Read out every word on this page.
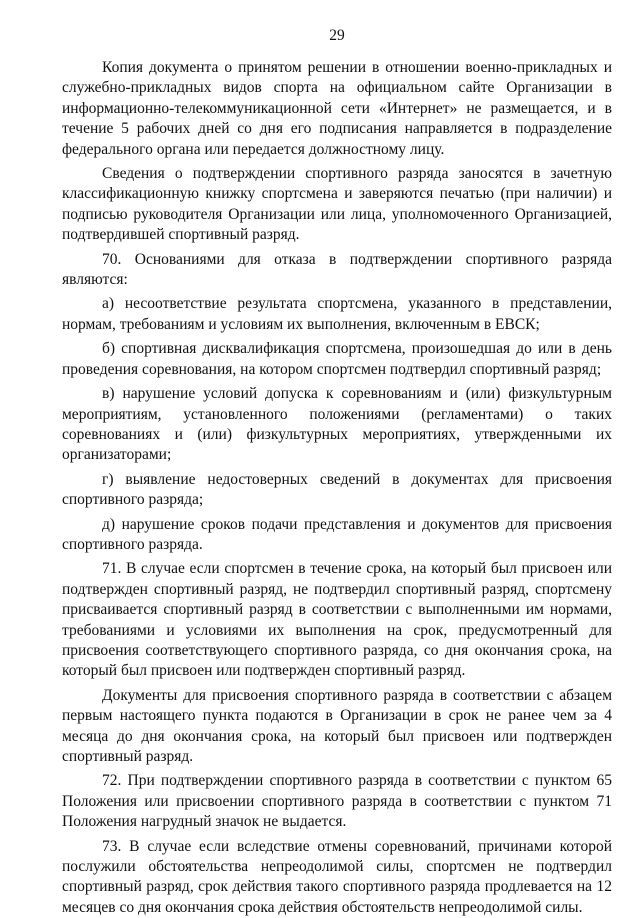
29

Копия документа о принятом решении в отношении военно-прикладных и служебно-прикладных видов спорта на официальном сайте Организации в информационно-телекоммуникационной сети «Интернет» не размещается, и в течение 5 рабочих дней со дня его подписания направляется в подразделение федерального органа или передается должностному лицу.

Сведения о подтверждении спортивного разряда заносятся в зачетную классификационную книжку спортсмена и заверяются печатью (при наличии) и подписью руководителя Организации или лица, уполномоченного Организацией, подтвердившей спортивный разряд.

70. Основаниями для отказа в подтверждении спортивного разряда являются:

а) несоответствие результата спортсмена, указанного в представлении, нормам, требованиям и условиям их выполнения, включенным в ЕВСК;

б) спортивная дисквалификация спортсмена, произошедшая до или в день проведения соревнования, на котором спортсмен подтвердил спортивный разряд;

в) нарушение условий допуска к соревнованиям и (или) физкультурным мероприятиям, установленного положениями (регламентами) о таких соревнованиях и (или) физкультурных мероприятиях, утвержденными их организаторами;

г) выявление недостоверных сведений в документах для присвоения спортивного разряда;

д) нарушение сроков подачи представления и документов для присвоения спортивного разряда.

71. В случае если спортсмен в течение срока, на который был присвоен или подтвержден спортивный разряд, не подтвердил спортивный разряд, спортсмену присваивается спортивный разряд в соответствии с выполненными им нормами, требованиями и условиями их выполнения на срок, предусмотренный для присвоения соответствующего спортивного разряда, со дня окончания срока, на который был присвоен или подтвержден спортивный разряд.

Документы для присвоения спортивного разряда в соответствии с абзацем первым настоящего пункта подаются в Организации в срок не ранее чем за 4 месяца до дня окончания срока, на который был присвоен или подтвержден спортивный разряд.

72. При подтверждении спортивного разряда в соответствии с пунктом 65 Положения или присвоении спортивного разряда в соответствии с пунктом 71 Положения нагрудный значок не выдается.

73. В случае если вследствие отмены соревнований, причинами которой послужили обстоятельства непреодолимой силы, спортсмен не подтвердил спортивный разряд, срок действия такого спортивного разряда продлевается на 12 месяцев со дня окончания срока действия обстоятельств непреодолимой силы.
